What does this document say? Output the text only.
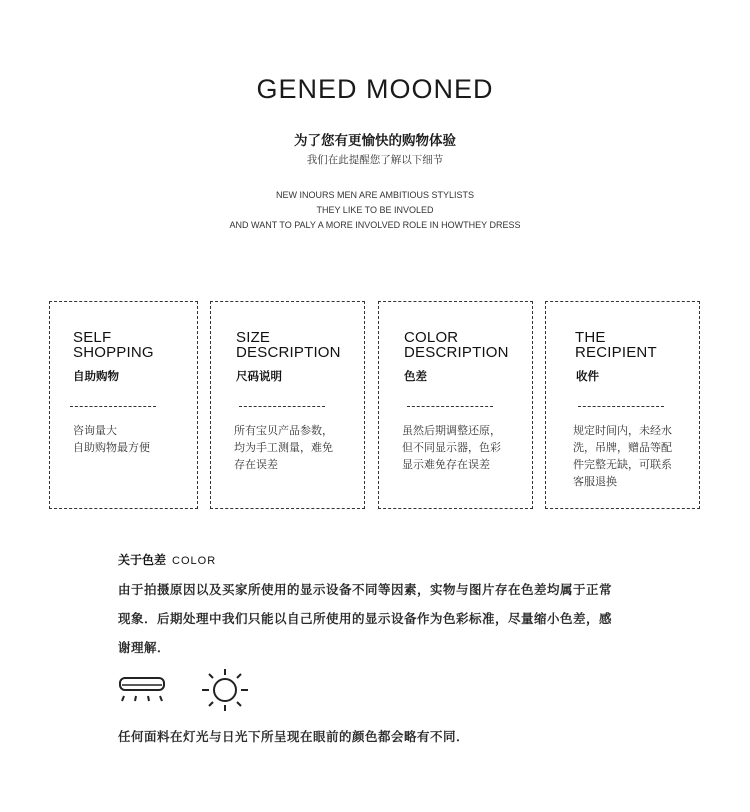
GENED MOONED
为了您有更愉快的购物体验
我们在此提醒您了解以下细节
NEW INOURS MEN ARE AMBITIOUS STYLISTS
THEY LIKE TO BE INVOLED
AND WANT TO PALY A MORE INVOLVED ROLE IN HOWTHEY DRESS
SELF
SHOPPING
自助购物
咨询量大
自助购物最方便
SIZE
DESCRIPTION
尺码说明
所有宝贝产品参数，
均为手工测量，难免
存在误差
COLOR
DESCRIPTION
色差
虽然后期调整还原，
但不同显示器，色彩
显示难免存在误差
THE
RECIPIENT
收件
规定时间内，未经水
洗，吊牌，赠品等配
件完整无缺，可联系
客服退换
关于色差 COLOR
由于拍摄原因以及买家所使用的显示设备不同等因素，实物与图片存在色差均属于正常
现象．后期处理中我们只能以自己所使用的显示设备作为色彩标准，尽量缩小色差，感
谢理解．
任何面料在灯光与日光下所呈现在眼前的颜色都会略有不同．
